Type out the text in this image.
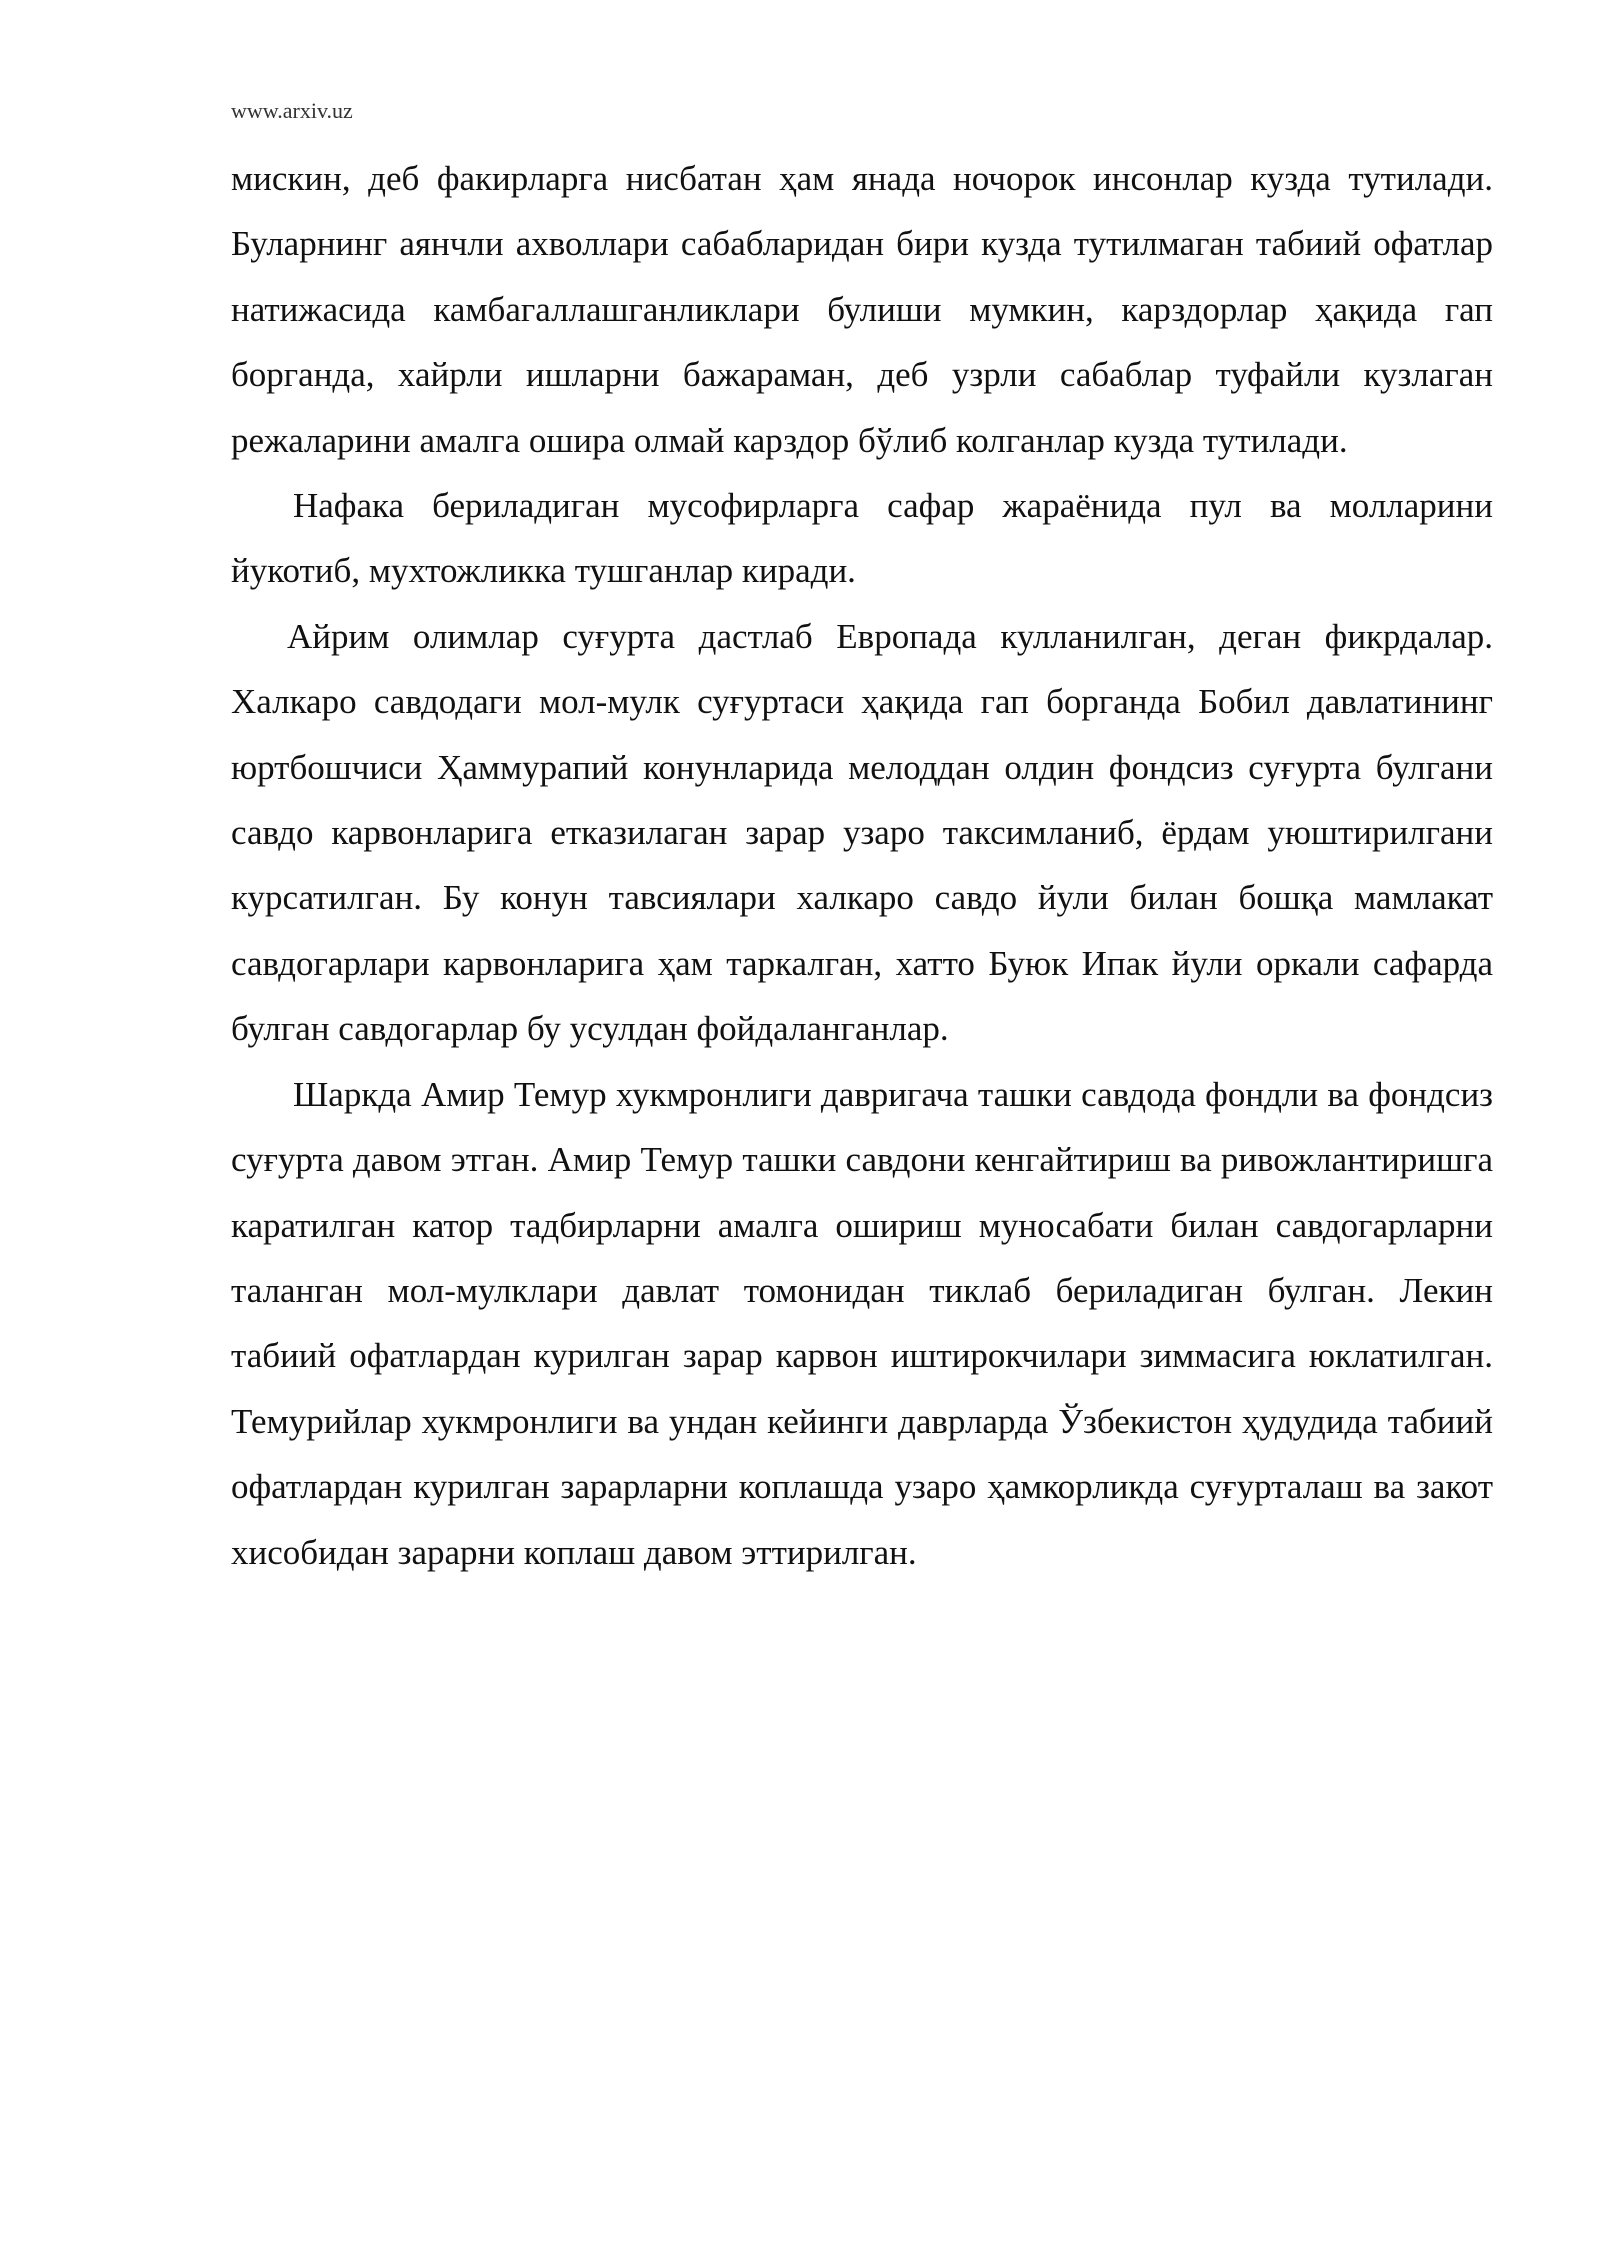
www.arxiv.uz

мискин, деб факирларга нисбатан ҳам янада ночорок инсонлар кузда тутилади. Буларнинг аянчли ахволлари сабабларидан бири кузда тутилмаган табиий офатлар натижасида камбагаллашганликлари булиши мумкин, карздорлар ҳақида гап борганда, хайрли ишларни бажараман, деб узрли сабаблар туфайли кузлаган режаларини амалга ошира олмай карздор бўлиб колганлар кузда тутилади.

Нафака бериладиган мусофирларга сафар жараёнида пул ва молларини йукотиб, мухтожликка тушганлар киради.

Айрим олимлар суғурта дастлаб Европада кулланилган, деган фикрдалар. Халкаро савдодаги мол-мулк суғуртаси ҳақида гап борганда Бобил давлатининг юртбошчиси Ҳаммурапий конунларида мелоддан олдин фондсиз суғурта булгани савдо карвонларига етказилаган зарар узаро таксимланиб, ёрдам уюштирилгани курсатилган. Бу конун тавсиялари халкаро савдо йули билан бошқа мамлакат савдогарлари карвонларига ҳам таркалган, хатто Буюк Ипак йули оркали сафарда булган савдогарлар бу усулдан фойдаланганлар.

Шаркда Амир Темур хукмронлиги давригача ташки савдода фондли ва фондсиз суғурта давом этган. Амир Темур ташки савдони кенгайтириш ва ривожлантиришга каратилган катор тадбирларни амалга ошириш муносабати билан савдогарларни таланган мол-мулклари давлат томонидан тиклаб бериладиган булган. Лекин табиий офатлардан курилган зарар карвон иштирокчилари зиммасига юклатилган. Темурийлар хукмронлиги ва ундан кейинги даврларда Ўзбекистон ҳудудида табиий офатлардан курилган зарарларни коплашда узаро ҳамкорликда суғурталаш ва закот хисобидан зарарни коплаш давом эттирилган.
